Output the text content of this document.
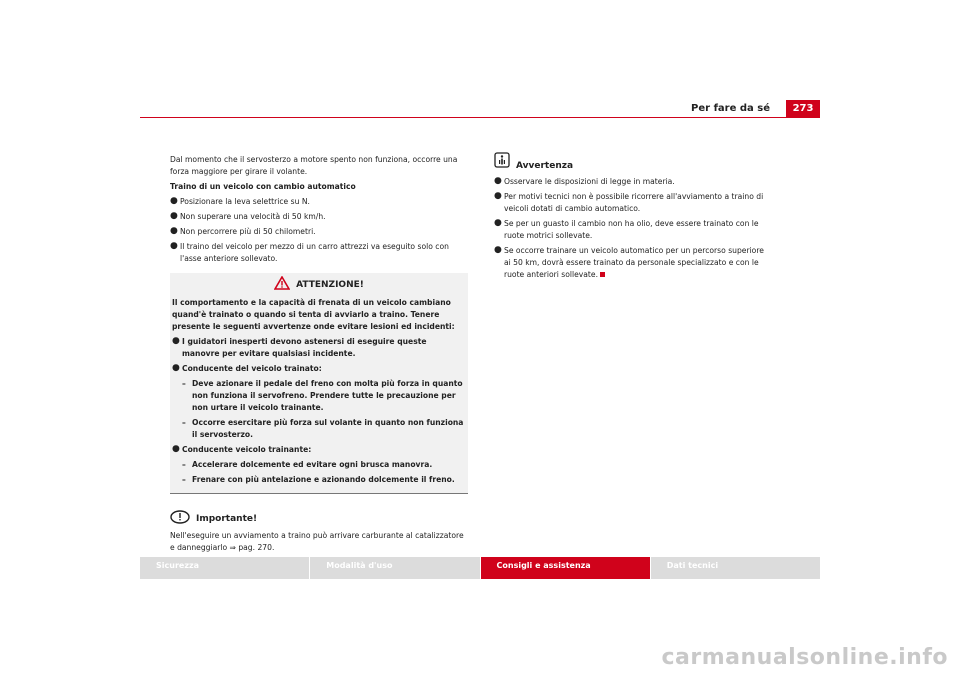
Per fare da sé	273

Dal momento che il servosterzo a motore spento non funziona, occorre una forza maggiore per girare il volante.

Traino di un veicolo con cambio automatico

● Posizionare la leva selettrice su N.
● Non superare una velocità di 50 km/h.
● Non percorrere più di 50 chilometri.
● Il traino del veicolo per mezzo di un carro attrezzi va eseguito solo con l'asse anteriore sollevato.
ATTENZIONE!

Il comportamento e la capacità di frenata di un veicolo cambiano quand'è trainato o quando si tenta di avviarlo a traino. Tenere presente le seguenti avvertenze onde evitare lesioni ed incidenti:

● I guidatori inesperti devono astenersi di eseguire queste manovre per evitare qualsiasi incidente.
● Conducente del veicolo trainato:
– Deve azionare il pedale del freno con molta più forza in quanto non funziona il servofreno. Prendere tutte le precauzione per non urtare il veicolo trainante.
– Occorre esercitare più forza sul volante in quanto non funziona il servosterzo.
● Conducente veicolo trainante:
– Accelerare dolcemente ed evitare ogni brusca manovra.
– Frenare con più antelazione e azionando dolcemente il freno.
Importante!

Nell'eseguire un avviamento a traino può arrivare carburante al catalizzatore e danneggiarlo ⇒ pag. 270.

Avvertenza
● Osservare le disposizioni di legge in materia.
● Per motivi tecnici non è possibile ricorrere all'avviamento a traino di veicoli dotati di cambio automatico.
● Se per un guasto il cambio non ha olio, deve essere trainato con le ruote motrici sollevate.
● Se occorre trainare un veicolo automatico per un percorso superiore ai 50 km, dovrà essere trainato da personale specializzato e con le ruote anteriori sollevate.
Sicurezza	Modalità d'uso	Consigli e assistenza	Dati tecnici
carmanualsonline.info
